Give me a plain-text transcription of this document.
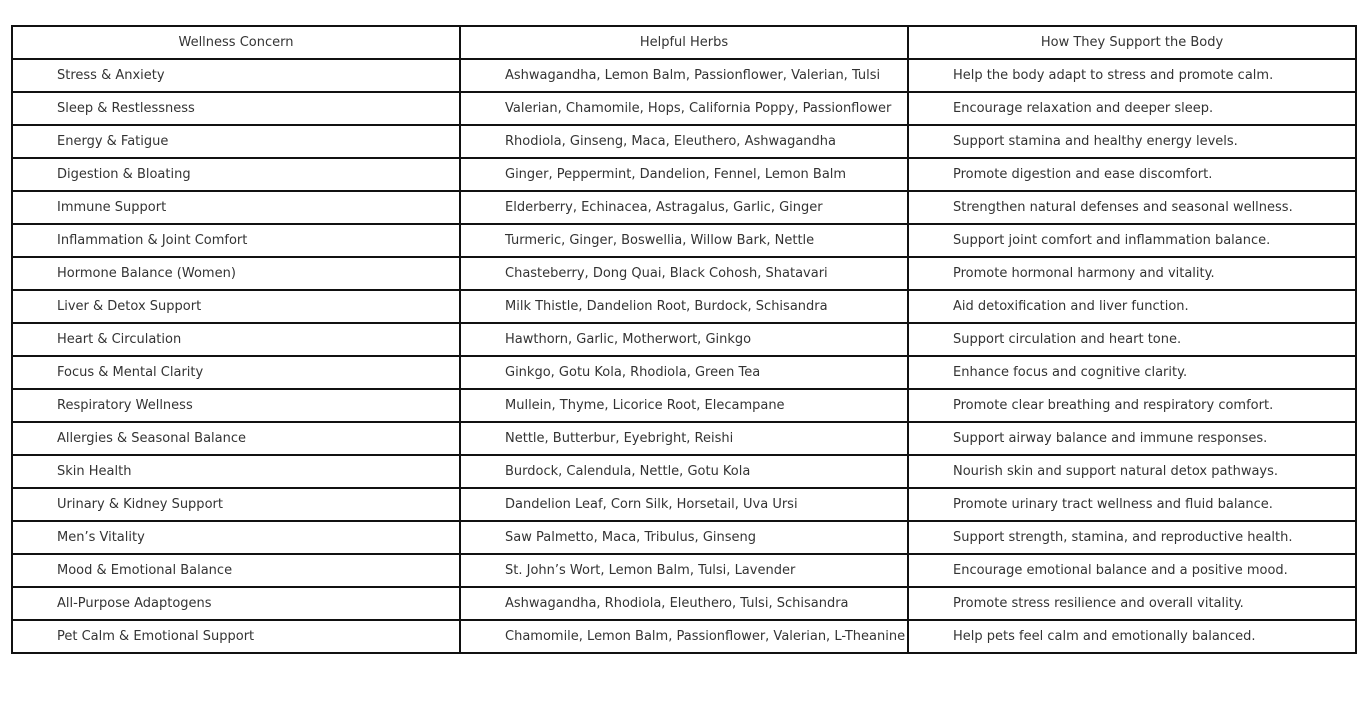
Wellness Concern	Helpful Herbs	How They Support the Body
Stress & Anxiety	Ashwagandha, Lemon Balm, Passionflower, Valerian, Tulsi	Help the body adapt to stress and promote calm.
Sleep & Restlessness	Valerian, Chamomile, Hops, California Poppy, Passionflower	Encourage relaxation and deeper sleep.
Energy & Fatigue	Rhodiola, Ginseng, Maca, Eleuthero, Ashwagandha	Support stamina and healthy energy levels.
Digestion & Bloating	Ginger, Peppermint, Dandelion, Fennel, Lemon Balm	Promote digestion and ease discomfort.
Immune Support	Elderberry, Echinacea, Astragalus, Garlic, Ginger	Strengthen natural defenses and seasonal wellness.
Inflammation & Joint Comfort	Turmeric, Ginger, Boswellia, Willow Bark, Nettle	Support joint comfort and inflammation balance.
Hormone Balance (Women)	Chasteberry, Dong Quai, Black Cohosh, Shatavari	Promote hormonal harmony and vitality.
Liver & Detox Support	Milk Thistle, Dandelion Root, Burdock, Schisandra	Aid detoxification and liver function.
Heart & Circulation	Hawthorn, Garlic, Motherwort, Ginkgo	Support circulation and heart tone.
Focus & Mental Clarity	Ginkgo, Gotu Kola, Rhodiola, Green Tea	Enhance focus and cognitive clarity.
Respiratory Wellness	Mullein, Thyme, Licorice Root, Elecampane	Promote clear breathing and respiratory comfort.
Allergies & Seasonal Balance	Nettle, Butterbur, Eyebright, Reishi	Support airway balance and immune responses.
Skin Health	Burdock, Calendula, Nettle, Gotu Kola	Nourish skin and support natural detox pathways.
Urinary & Kidney Support	Dandelion Leaf, Corn Silk, Horsetail, Uva Ursi	Promote urinary tract wellness and fluid balance.
Men’s Vitality	Saw Palmetto, Maca, Tribulus, Ginseng	Support strength, stamina, and reproductive health.
Mood & Emotional Balance	St. John’s Wort, Lemon Balm, Tulsi, Lavender	Encourage emotional balance and a positive mood.
All-Purpose Adaptogens	Ashwagandha, Rhodiola, Eleuthero, Tulsi, Schisandra	Promote stress resilience and overall vitality.
Pet Calm & Emotional Support	Chamomile, Lemon Balm, Passionflower, Valerian, L-Theanine	Help pets feel calm and emotionally balanced.
